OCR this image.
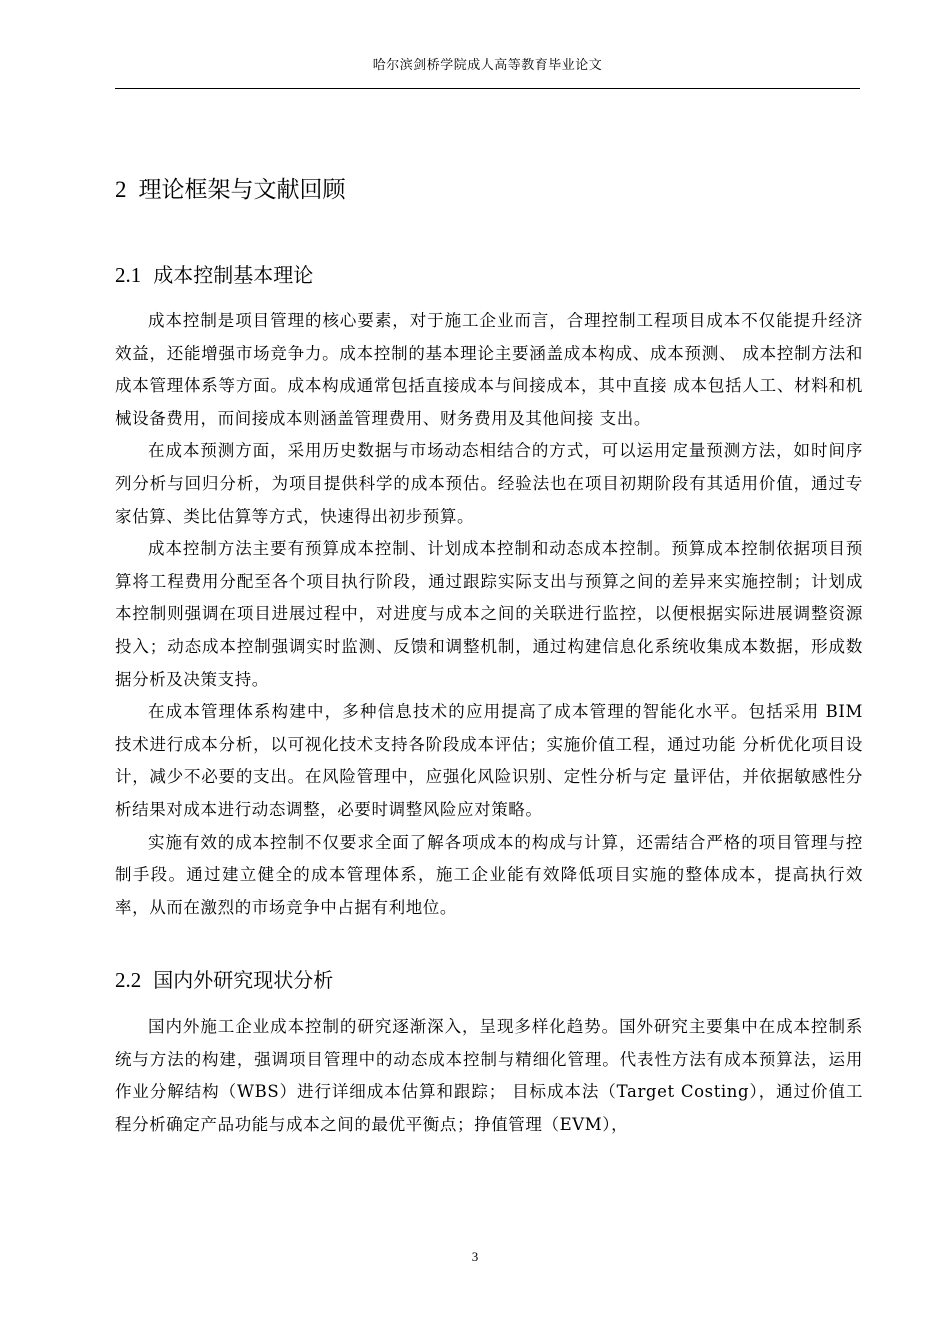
哈尔滨剑桥学院成人高等教育毕业论文
2 理论框架与文献回顾
2.1 成本控制基本理论

成本控制是项目管理的核心要素，对于施工企业而言，合理控制工程项目成本不仅能提升经济效益，还能增强市场竞争力。成本控制的基本理论主要涵盖成本构成、成本预测、 成本控制方法和成本管理体系等方面。成本构成通常包括直接成本与间接成本，其中直接 成本包括人工、材料和机械设备费用，而间接成本则涵盖管理费用、财务费用及其他间接 支出。

在成本预测方面，采用历史数据与市场动态相结合的方式，可以运用定量预测方法，如时间序列分析与回归分析，为项目提供科学的成本预估。经验法也在项目初期阶段有其适用价值，通过专家估算、类比估算等方式，快速得出初步预算。

成本控制方法主要有预算成本控制、计划成本控制和动态成本控制。预算成本控制依据项目预算将工程费用分配至各个项目执行阶段，通过跟踪实际支出与预算之间的差异来实施控制；计划成本控制则强调在项目进展过程中，对进度与成本之间的关联进行监控，以便根据实际进展调整资源投入；动态成本控制强调实时监测、反馈和调整机制，通过构建信息化系统收集成本数据，形成数据分析及决策支持。

在成本管理体系构建中，多种信息技术的应用提高了成本管理的智能化水平。包括采用 BIM 技术进行成本分析，以可视化技术支持各阶段成本评估；实施价值工程，通过功能 分析优化项目设计，减少不必要的支出。在风险管理中，应强化风险识别、定性分析与定 量评估，并依据敏感性分析结果对成本进行动态调整，必要时调整风险应对策略。

实施有效的成本控制不仅要求全面了解各项成本的构成与计算，还需结合严格的项目管理与控制手段。通过建立健全的成本管理体系，施工企业能有效降低项目实施的整体成本，提高执行效率，从而在激烈的市场竞争中占据有利地位。

2.2 国内外研究现状分析

国内外施工企业成本控制的研究逐渐深入，呈现多样化趋势。国外研究主要集中在成本控制系统与方法的构建，强调项目管理中的动态成本控制与精细化管理。代表性方法有成本预算法，运用作业分解结构（WBS）进行详细成本估算和跟踪； 目标成本法（Target Costing），通过价值工程分析确定产品功能与成本之间的最优平衡点；挣值管理（EVM），

3
